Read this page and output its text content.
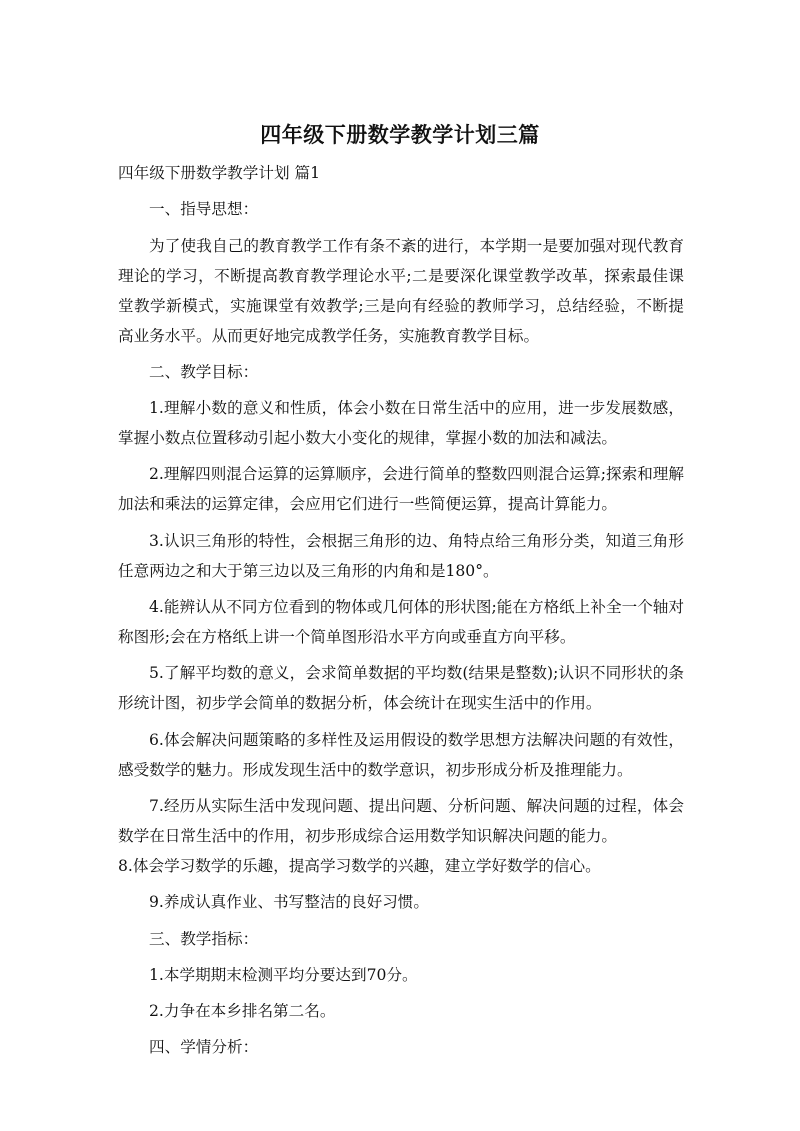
四年级下册数学教学计划三篇

四年级下册数学教学计划 篇1

一、指导思想：

为了使我自己的教育教学工作有条不紊的进行，本学期一是要加强对现代教育理论的学习，不断提高教育教学理论水平;二是要深化课堂教学改革，探索最佳课堂教学新模式，实施课堂有效教学;三是向有经验的教师学习，总结经验，不断提高业务水平。从而更好地完成教学任务，实施教育教学目标。

二、教学目标：

1.理解小数的意义和性质，体会小数在日常生活中的应用，进一步发展数感，掌握小数点位置移动引起小数大小变化的规律，掌握小数的加法和减法。

2.理解四则混合运算的运算顺序，会进行简单的整数四则混合运算;探索和理解加法和乘法的运算定律，会应用它们进行一些简便运算，提高计算能力。

3.认识三角形的特性，会根据三角形的边、角特点给三角形分类，知道三角形任意两边之和大于第三边以及三角形的内角和是180°。

4.能辨认从不同方位看到的物体或几何体的形状图;能在方格纸上补全一个轴对称图形;会在方格纸上讲一个简单图形沿水平方向或垂直方向平移。

5.了解平均数的意义，会求简单数据的平均数(结果是整数);认识不同形状的条形统计图，初步学会简单的数据分析，体会统计在现实生活中的作用。

6.体会解决问题策略的多样性及运用假设的数学思想方法解决问题的有效性，感受数学的魅力。形成发现生活中的数学意识，初步形成分析及推理能力。

7.经历从实际生活中发现问题、提出问题、分析问题、解决问题的过程，体会数学在日常生活中的作用，初步形成综合运用数学知识解决问题的能力。

8.体会学习数学的乐趣，提高学习数学的兴趣，建立学好数学的信心。

9.养成认真作业、书写整洁的良好习惯。

三、教学指标：

1.本学期期末检测平均分要达到70分。

2.力争在本乡排名第二名。

四、学情分析：
